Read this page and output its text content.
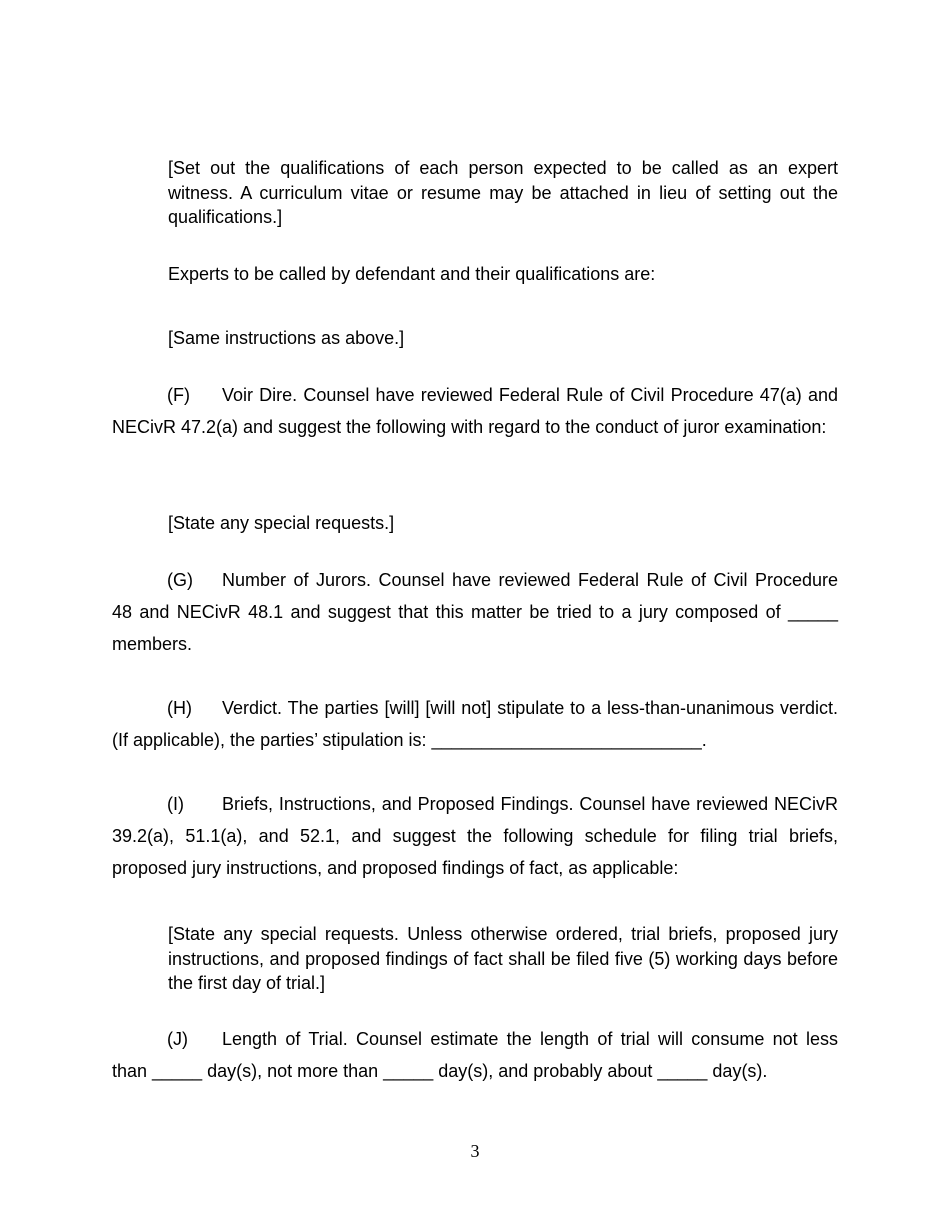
[Set out the qualifications of each person expected to be called as an expert witness. A curriculum vitae or resume may be attached in lieu of setting out the qualifications.]

Experts to be called by defendant and their qualifications are:

[Same instructions as above.]

(F) Voir Dire. Counsel have reviewed Federal Rule of Civil Procedure 47(a) and NECivR 47.2(a) and suggest the following with regard to the conduct of juror examination:

[State any special requests.]

(G) Number of Jurors. Counsel have reviewed Federal Rule of Civil Procedure 48 and NECivR 48.1 and suggest that this matter be tried to a jury composed of _____ members.

(H) Verdict. The parties [will] [will not] stipulate to a less-than-unanimous verdict. (If applicable), the parties’ stipulation is: ___________________________.

(I) Briefs, Instructions, and Proposed Findings. Counsel have reviewed NECivR 39.2(a), 51.1(a), and 52.1, and suggest the following schedule for filing trial briefs, proposed jury instructions, and proposed findings of fact, as applicable:

[State any special requests. Unless otherwise ordered, trial briefs, proposed jury instructions, and proposed findings of fact shall be filed five (5) working days before the first day of trial.]

(J) Length of Trial. Counsel estimate the length of trial will consume not less than _____ day(s), not more than _____ day(s), and probably about _____ day(s).

3
